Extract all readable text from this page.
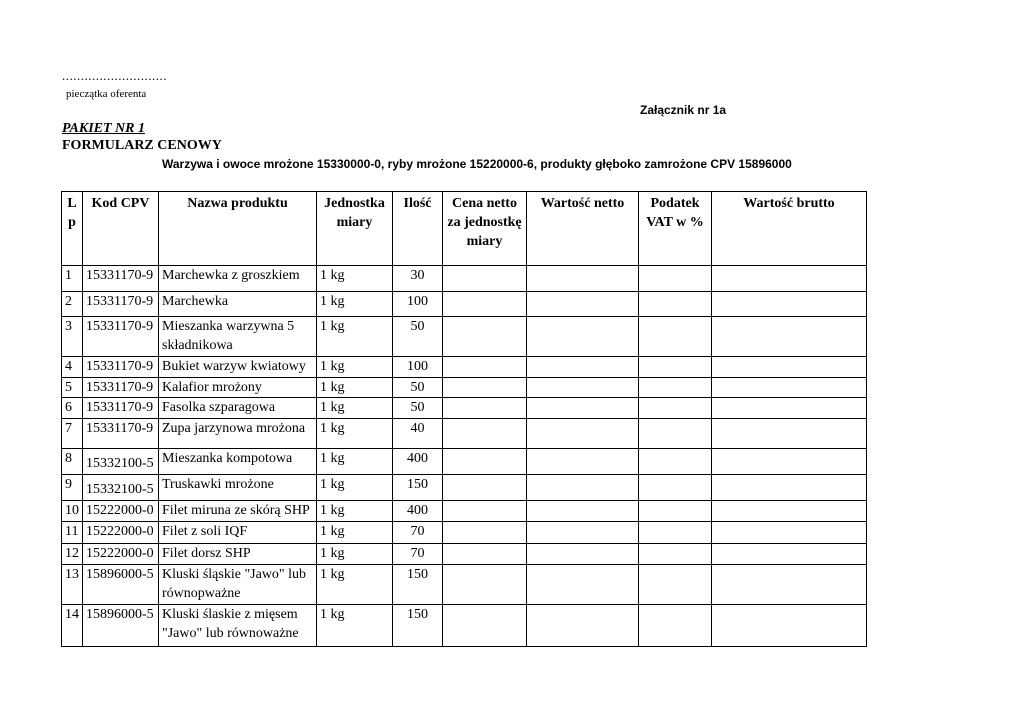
............................
pieczątka oferenta
Załącznik nr 1a
PAKIET NR 1
FORMULARZ CENOWY
Warzywa i owoce mrożone 15330000-0, ryby mrożone 15220000-6, produkty głęboko zamrożone CPV 15896000
L p	Kod CPV	Nazwa produktu	Jednostka miary	Ilość	Cena netto za jednostkę miary	Wartość netto	Podatek VAT w %	Wartość brutto
1	15331170-9	Marchewka z groszkiem	1 kg	30				
2	15331170-9	Marchewka	1 kg	100				
3	15331170-9	Mieszanka warzywna 5 składnikowa	1 kg	50				
4	15331170-9	Bukiet warzyw kwiatowy	1 kg	100				
5	15331170-9	Kalafior mrożony	1 kg	50				
6	15331170-9	Fasolka szparagowa	1 kg	50				
7	15331170-9	Zupa jarzynowa mrożona	1 kg	40				
8	15332100-5	Mieszanka kompotowa	1 kg	400				
9	15332100-5	Truskawki mrożone	1 kg	150				
10	15222000-0	Filet miruna ze skórą SHP	1 kg	400				
11	15222000-0	Filet z soli IQF	1 kg	70				
12	15222000-0	Filet dorsz SHP	1 kg	70				
13	15896000-5	Kluski śląskie "Jawo" lub równopważne	1 kg	150				
14	15896000-5	Kluski ślaskie z mięsem "Jawo" lub równoważne	1 kg	150				
